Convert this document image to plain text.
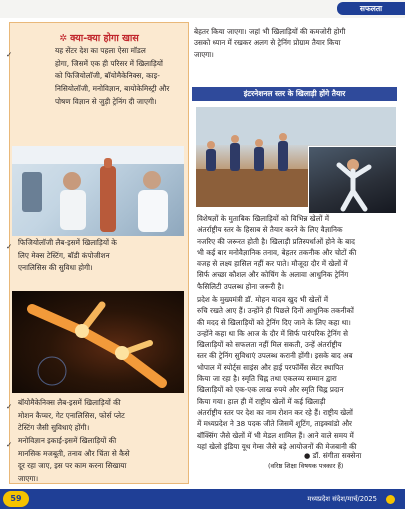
सफलता
✲ क्या-क्या होगा खास
✓	यह सेंटर देश का पहला ऐसा मॉडल
होगा, जिसमें एक ही परिसर में खिलाड़ियों
को फिजियोलॉजी, बॉयोमैकेनिक्स, काइ-
निसियोलॉजी, मनोविज्ञान, बायोकेमिस्ट्री और
पोषण विज्ञान से जुड़ी ट्रेनिंग दी जाएगी।
✓ फिजियोलॉजी लैब-इसमें खिलाड़ियों के
लिए मेक्स टेस्टिंग, बॉडी कंपोजीशन
एनालिसिस की सुविधा होगी।
✓ बॉयोमैकेनिक्स लैब-इसमें खिलाड़ियों की
मोशन कैप्चर, गेट एनालिसिस, फोर्स प्लेट
टेस्टिंग जैसी सुविधाएं होंगी।
✓ मनोविज्ञान इकाई-इसमें खिलाड़ियों की
मानसिक मजबूती, तनाव और चिंता से कैसे
दूर रहा जाए, इस पर काम करना सिखाया
जाएगा।
बेहतर किया जाएगा। जहां भी खिलाड़ियों की कमजोरी होगी
उसको ध्यान में रखकर अलग से ट्रेनिंग प्रोग्राम तैयार किया
जाएगा।
इंटरनेशनल स्तर के खिलाड़ी होंगे तैयार
विशेषज्ञों के मुताबिक खिलाड़ियों को विभिन्न खेलों में
अंतर्राष्ट्रीय स्तर के हिसाब से तैयार करने के लिए वैज्ञानिक
नजरिए की जरूरत होती है। खिलाड़ी प्रतिस्पर्धाओं होने के बाद
भी कई बार मनोवैज्ञानिक तनाव, बेहतर तकनीक और चोटों की
वजह से लक्ष्य हासिल नहीं कर पाते। मौजूदा दौर में खेलों में
सिर्फ अच्छा कौशल और कोचिंग के अलावा आधुनिक ट्रेनिंग
फैसिलिटी उपलब्ध होना जरूरी है।
प्रदेश के मुख्यमंत्री डॉ. मोहन यादव खुद भी खेलों में
रुचि रखते आए हैं। उन्होंने ही पिछले दिनों आधुनिक तकनीकों
की मदद से खिलाड़ियों को ट्रेनिंग दिए जाने के लिए कहा था।
उन्होंने कहा था कि आज के दौर में सिर्फ पारंपरिक ट्रेनिंग से
खिलाड़ियों को सफलता नहीं मिल सकती, उन्हें अंतर्राष्ट्रीय
स्तर की ट्रेनिंग सुविधाएं उपलब्ध करानी होंगी। इसके बाद अब
भोपाल में स्पोर्ट्स साइंस और हाई परफॉर्मेंस सेंटर स्थापित
किया जा रहा है। स्मृति चिह्न तथा एकलव्य सम्मान द्वारा
खिलाड़ियों को एक-एक लाख रुपये और स्मृति चिह्न प्रदान
किया गया। हाल ही में राष्ट्रीय खेलों में कई खिलाड़ी
अंतर्राष्ट्रीय स्तर पर देश का नाम रोशन कर रहे हैं। राष्ट्रीय खेलों
में मध्यप्रदेश ने 38 पदक जीते जिसमें शूटिंग, ताइक्वांडो और
बॉक्सिंग जैसे खेलों में भी मेडल शामिल हैं। आने वाले समय में
यहां खेलो इंडिया यूथ गेम्स जैसे बड़े आयोजनों की मेजबानी की
● डॉ. संगीता सक्सेना
(वरिष्ठ शिक्षा विषयक पत्रकार हैं)
59	मध्यप्रदेश संदेश/मार्च/2025
